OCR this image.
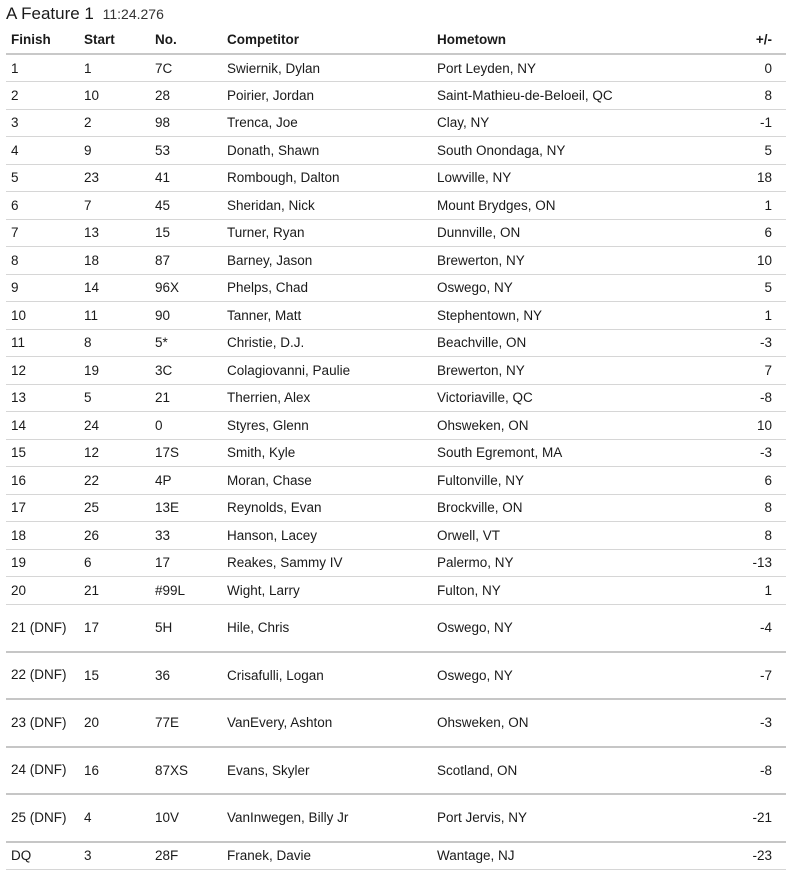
A Feature 1 11:24.276
Finish	Start	No.	Competitor	Hometown	+/-
1	1	7C	Swiernik, Dylan	Port Leyden, NY	0
2	10	28	Poirier, Jordan	Saint-Mathieu-de-Beloeil, QC	8
3	2	98	Trenca, Joe	Clay, NY	-1
4	9	53	Donath, Shawn	South Onondaga, NY	5
5	23	41	Rombough, Dalton	Lowville, NY	18
6	7	45	Sheridan, Nick	Mount Brydges, ON	1
7	13	15	Turner, Ryan	Dunnville, ON	6
8	18	87	Barney, Jason	Brewerton, NY	10
9	14	96X	Phelps, Chad	Oswego, NY	5
10	11	90	Tanner, Matt	Stephentown, NY	1
11	8	5*	Christie, D.J.	Beachville, ON	-3
12	19	3C	Colagiovanni, Paulie	Brewerton, NY	7
13	5	21	Therrien, Alex	Victoriaville, QC	-8
14	24	0	Styres, Glenn	Ohsweken, ON	10
15	12	17S	Smith, Kyle	South Egremont, MA	-3
16	22	4P	Moran, Chase	Fultonville, NY	6
17	25	13E	Reynolds, Evan	Brockville, ON	8
18	26	33	Hanson, Lacey	Orwell, VT	8
19	6	17	Reakes, Sammy IV	Palermo, NY	-13
20	21	#99L	Wight, Larry	Fulton, NY	1
21 (DNF)	17	5H	Hile, Chris	Oswego, NY	-4
22 (DNF)	15	36	Crisafulli, Logan	Oswego, NY	-7
23 (DNF)	20	77E	VanEvery, Ashton	Ohsweken, ON	-3
24 (DNF)	16	87XS	Evans, Skyler	Scotland, ON	-8
25 (DNF)	4	10V	VanInwegen, Billy Jr	Port Jervis, NY	-21
DQ	3	28F	Franek, Davie	Wantage, NJ	-23
